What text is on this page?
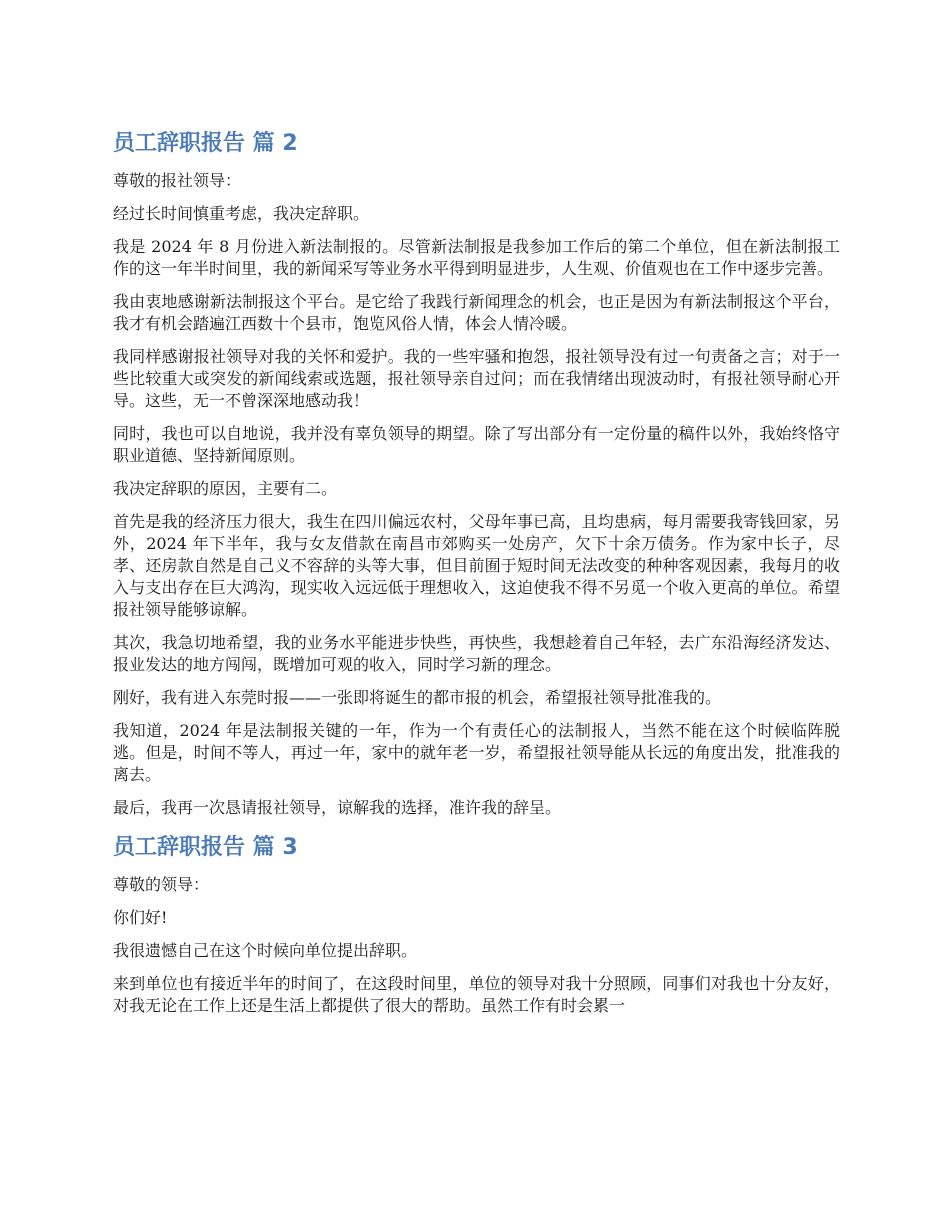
员工辞职报告 篇 2

尊敬的报社领导：

经过长时间慎重考虑，我决定辞职。

我是 2024 年 8 月份进入新法制报的。尽管新法制报是我参加工作后的第二个单位，但在新法制报工作的这一年半时间里，我的新闻采写等业务水平得到明显进步，人生观、价值观也在工作中逐步完善。

我由衷地感谢新法制报这个平台。是它给了我践行新闻理念的机会，也正是因为有新法制报这个平台，我才有机会踏遍江西数十个县市，饱览风俗人情，体会人情冷暖。

我同样感谢报社领导对我的关怀和爱护。我的一些牢骚和抱怨，报社领导没有过一句责备之言；对于一些比较重大或突发的新闻线索或选题，报社领导亲自过问；而在我情绪出现波动时，有报社领导耐心开导。这些，无一不曾深深地感动我！

同时，我也可以自地说，我并没有辜负领导的期望。除了写出部分有一定份量的稿件以外，我始终恪守职业道德、坚持新闻原则。

我决定辞职的原因，主要有二。

首先是我的经济压力很大，我生在四川偏远农村，父母年事已高，且均患病，每月需要我寄钱回家，另外，2024 年下半年，我与女友借款在南昌市郊购买一处房产，欠下十余万债务。作为家中长子，尽孝、还房款自然是自己义不容辞的头等大事，但目前囿于短时间无法改变的种种客观因素，我每月的收入与支出存在巨大鸿沟，现实收入远远低于理想收入，这迫使我不得不另觅一个收入更高的单位。希望报社领导能够谅解。

其次，我急切地希望，我的业务水平能进步快些，再快些，我想趁着自己年轻，去广东沿海经济发达、报业发达的地方闯闯，既增加可观的收入，同时学习新的理念。

刚好，我有进入东莞时报——一张即将诞生的都市报的机会，希望报社领导批准我的。

我知道，2024 年是法制报关键的一年，作为一个有责任心的法制报人，当然不能在这个时候临阵脱逃。但是，时间不等人，再过一年，家中的就年老一岁，希望报社领导能从长远的角度出发，批准我的离去。

最后，我再一次恳请报社领导，谅解我的选择，准许我的辞呈。

员工辞职报告 篇 3

尊敬的领导：

你们好!

我很遗憾自己在这个时候向单位提出辞职。

来到单位也有接近半年的时间了，在这段时间里，单位的领导对我十分照顾，同事们对我也十分友好，对我无论在工作上还是生活上都提供了很大的帮助。虽然工作有时会累一
